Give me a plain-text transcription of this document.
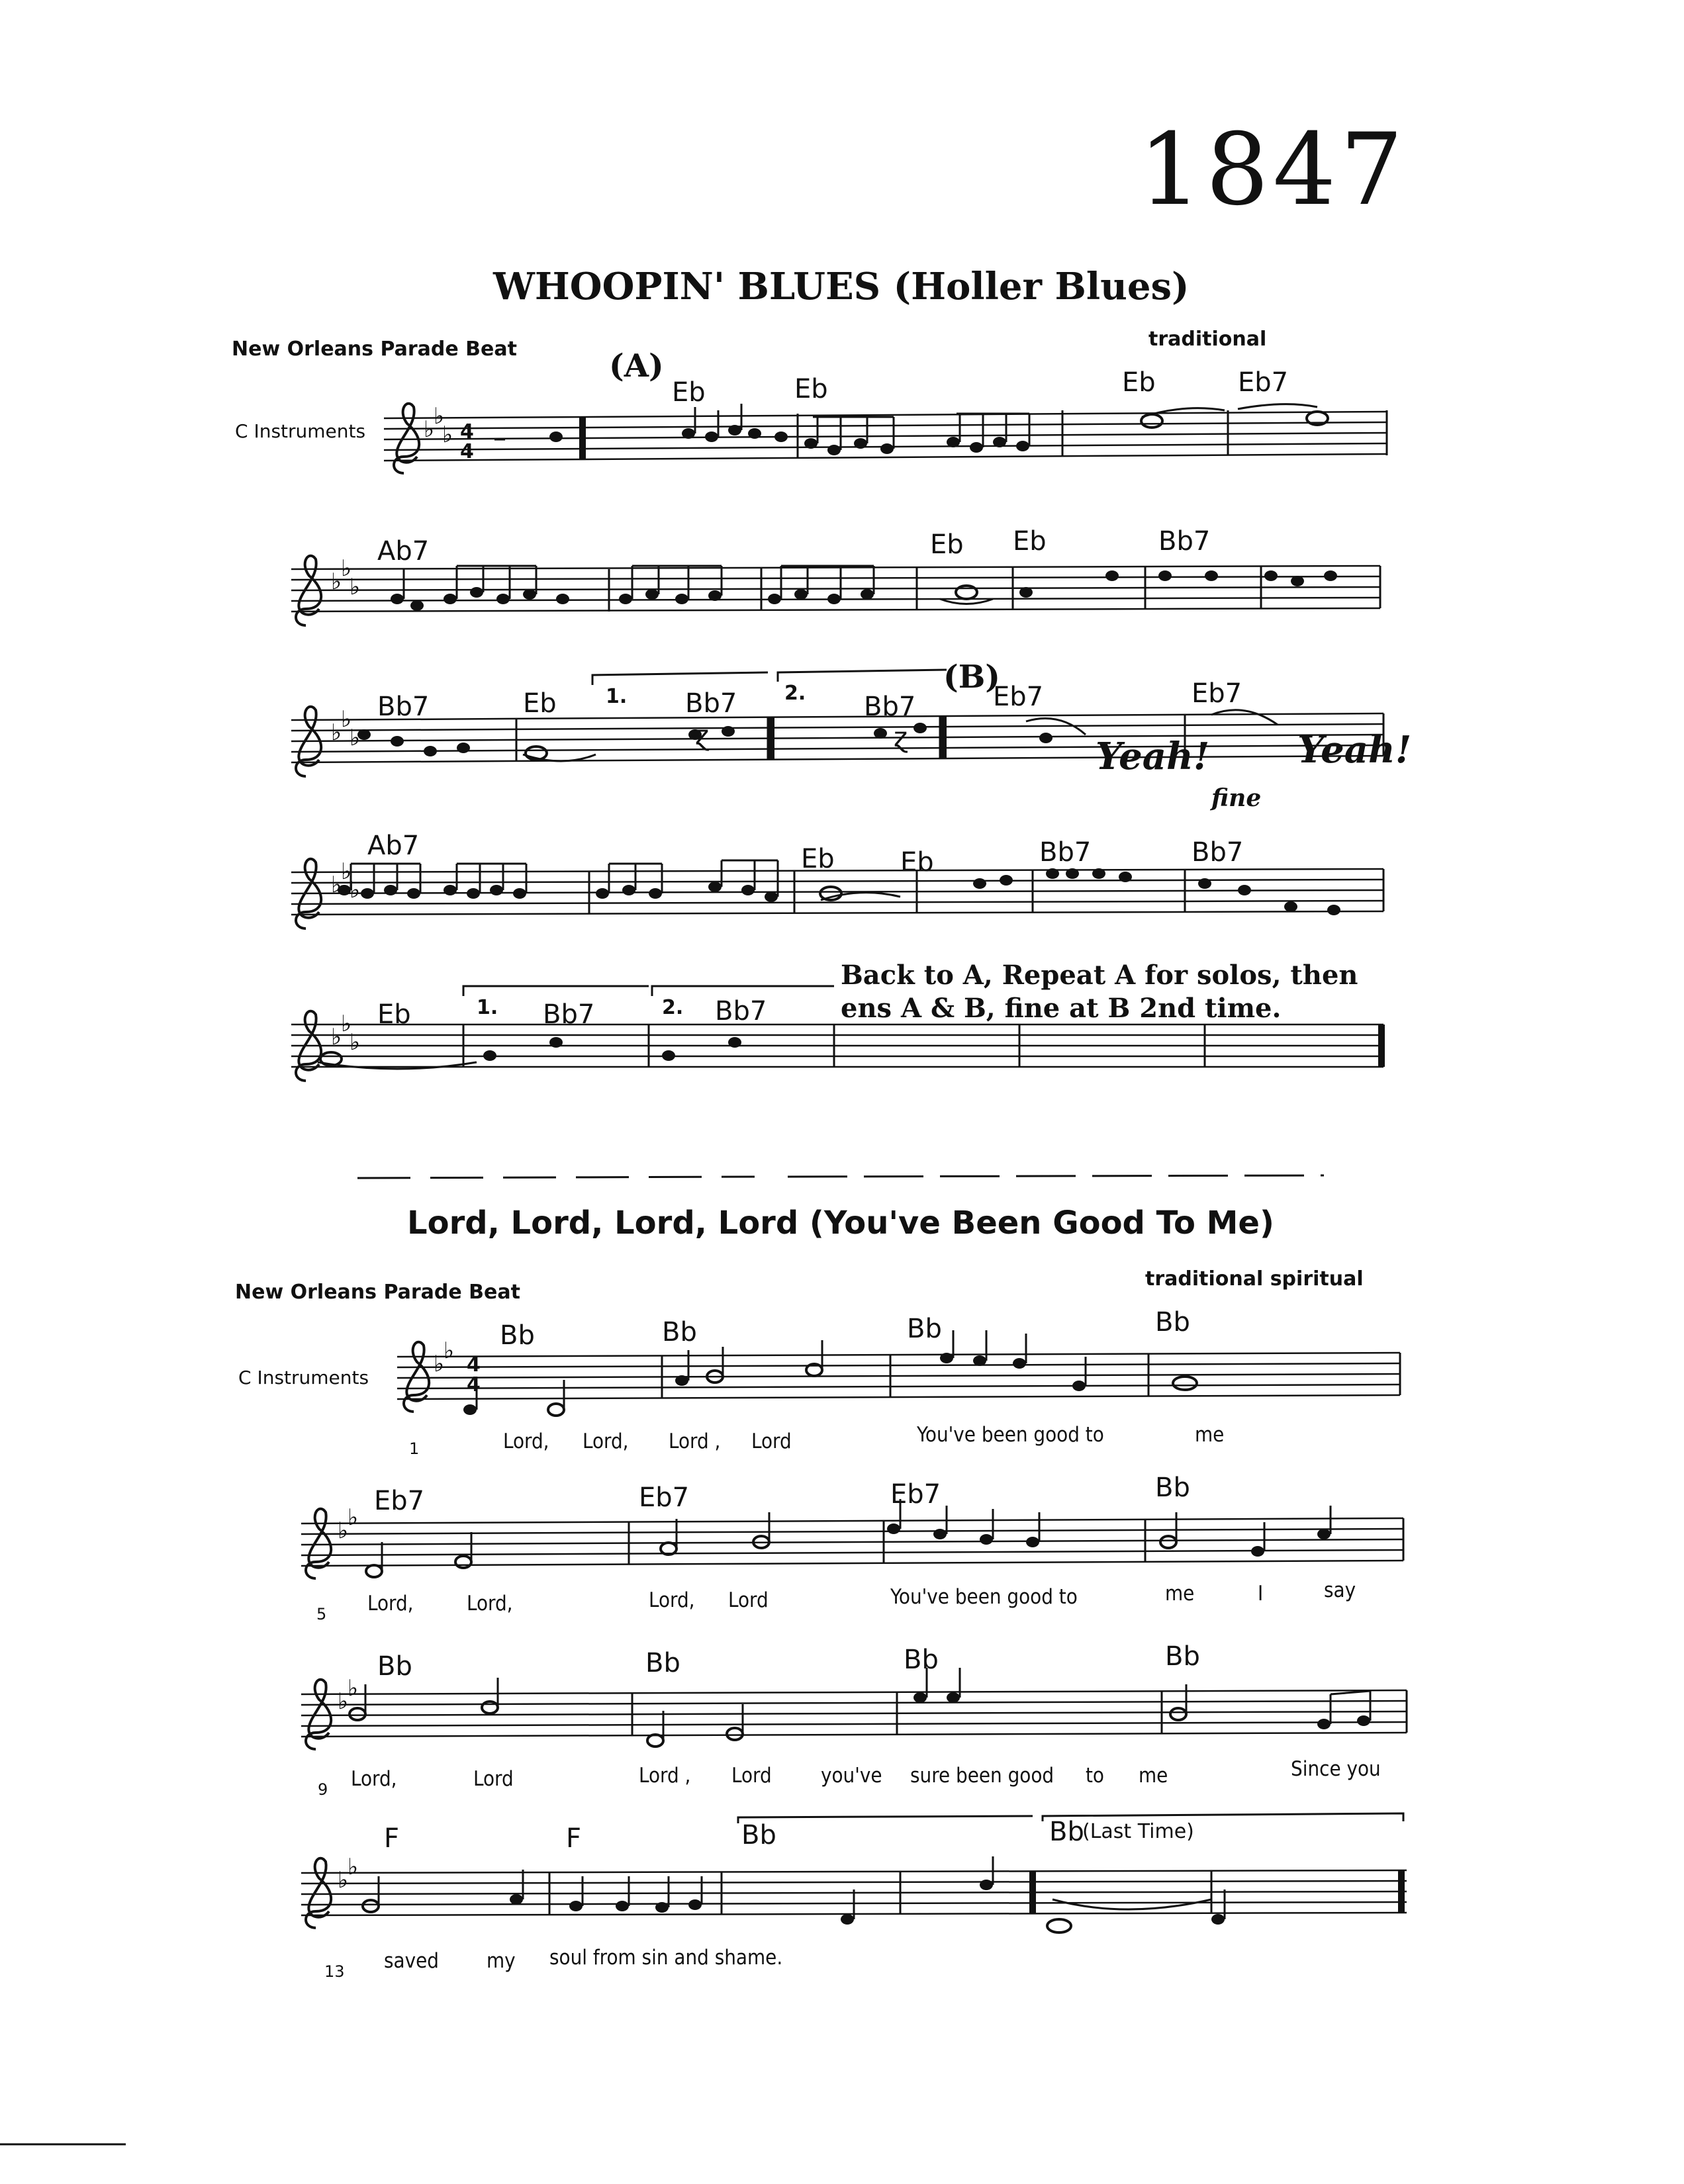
1847
WHOOPIN' BLUES (Holler Blues)
New Orleans Parade Beat	traditional
C Instruments
(A)
(B)
Eb	Eb	Eb	Eb7
Ab7	Eb Eb	Bb7
Bb7	Eb	Bb7	Bb7	Eb7	Eb7
1.	2.
Yeah! Yeah!
fine
Ab7	Eb Eb	Bb7	Bb7
Eb	Bb7	Bb7
1.	2.
Back to A, Repeat A for solos, then
ens A & B, fine at B 2nd time.
Lord, Lord, Lord, Lord (You've Been Good To Me)
New Orleans Parade Beat
traditional spiritual
C Instruments
Bb	Bb	Bb	Bb
1	Lord, Lord, Lord , Lord	You've been good to	me
Eb7	Eb7	Eb7	Bb
5 Lord,	Lord,	Lord, Lord	You've been good to	me	I	say
Bb	Bb	Bb	Bb
9 Lord,	Lord	Lord , Lord you've sure been good to me	Since you
F	F	Bb	Bb
(Last Time)
13 saved my soul from sin and shame.
♭
♭
♭
♭
♭
♭
♭
♭
♭
♭
♭
♭
♭
♭
♭
♭
♭
♭
♭
♭
♭
♭
♭
4
4
4
4
–
ɀ	ɀ
